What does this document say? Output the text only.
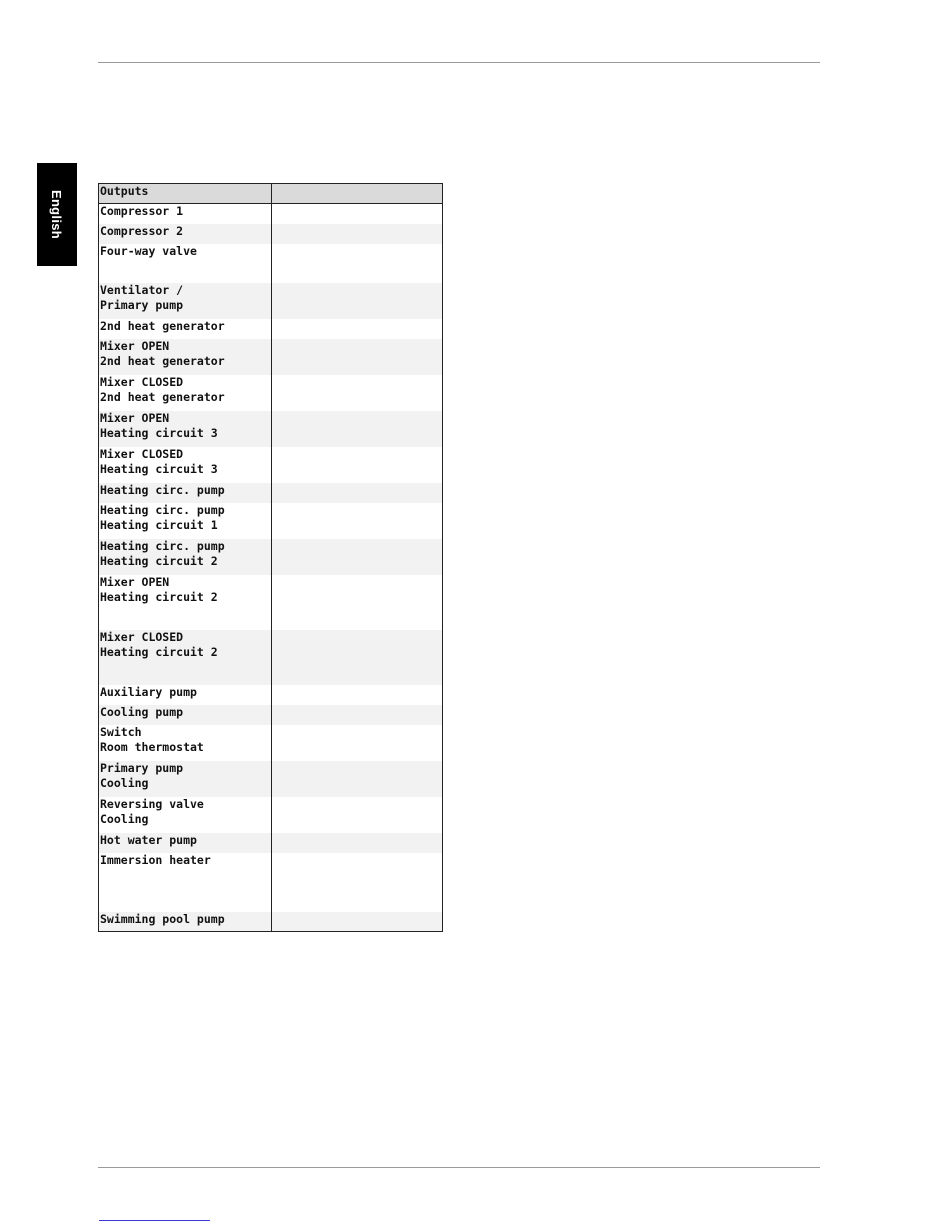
English	Outputs	
Compressor 1	
Compressor 2	
Four-way valve	
Ventilator /
Primary pump	
2nd heat generator	
Mixer OPEN
2nd heat generator	
Mixer CLOSED
2nd heat generator	
Mixer OPEN
Heating circuit 3	
Mixer CLOSED
Heating circuit 3	
Heating circ. pump	
Heating circ. pump
Heating circuit 1	
Heating circ. pump
Heating circuit 2	
Mixer OPEN
Heating circuit 2	
Mixer CLOSED
Heating circuit 2	
Auxiliary pump	
Cooling pump	
Switch
Room thermostat	
Primary pump
Cooling	
Reversing valve
Cooling	
Hot water pump	
Immersion heater	
Swimming pool pump	
